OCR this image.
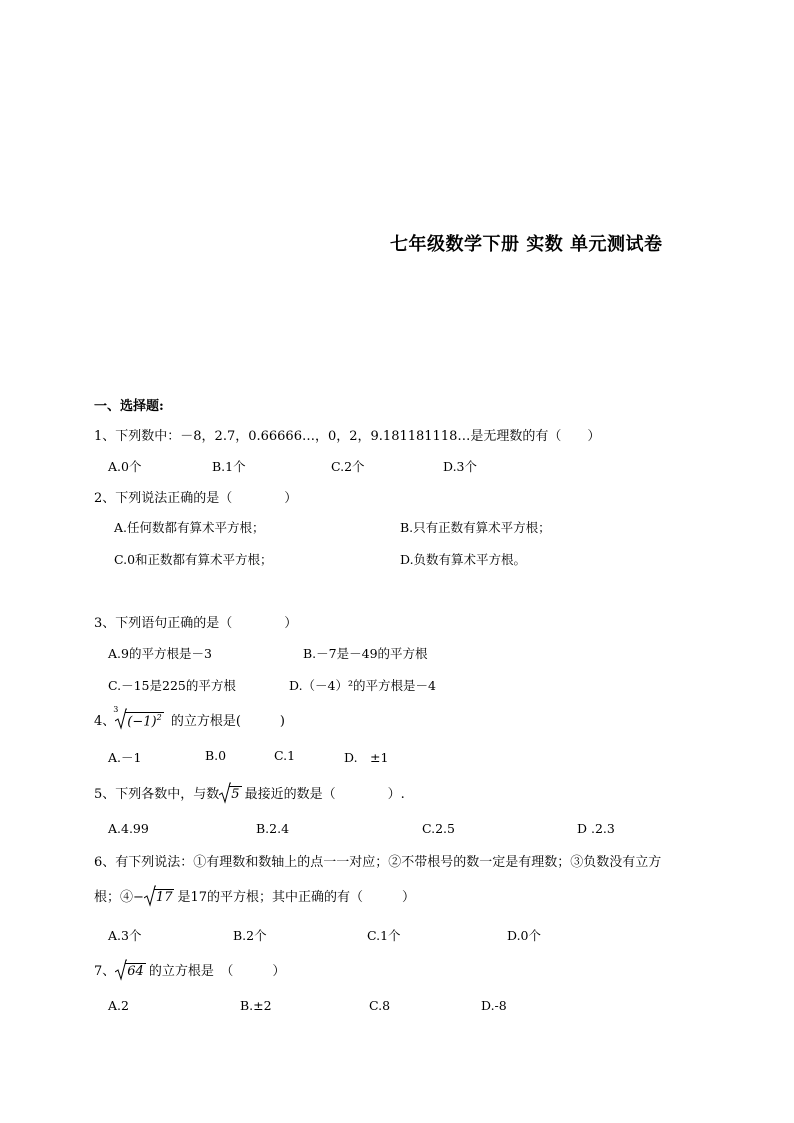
七年级数学下册 实数 单元测试卷
一、选择题:
1、下列数中：－8，2.7，0.66666…，0，2，9.181181118…是无理数的有（　　）
A.0个	B.1个	C.2个	D.3个
2、下列说法正确的是（　　　　）
A.任何数都有算术平方根；	B.只有正数有算术平方根；
C.0和正数都有算术平方根；	D.负数有算术平方根。
3、下列语句正确的是（　　　　）
A.9的平方根是－3	B.－7是－49的平方根
C.－15是225的平方根	D.（－4）²的平方根是－4
4、
3
$(-1)^2$ 的立方根是(　　　)
A.－1	B.0	C.1	D.　±1
5、下列各数中，与数 5 最接近的数是（　　　　）.
A.4.99	B.2.4	C.2.5	D .2.3
6、有下列说法：①有理数和数轴上的点一一对应；②不带根号的数一定是有理数；③负数没有立方
根；④− 17 是17的平方根；其中正确的有（　　　）
A.3个	B.2个	C.1个	D.0个
7、 64 的立方根是　（　　　）
A.2	B.±2	C.8	D.-8
